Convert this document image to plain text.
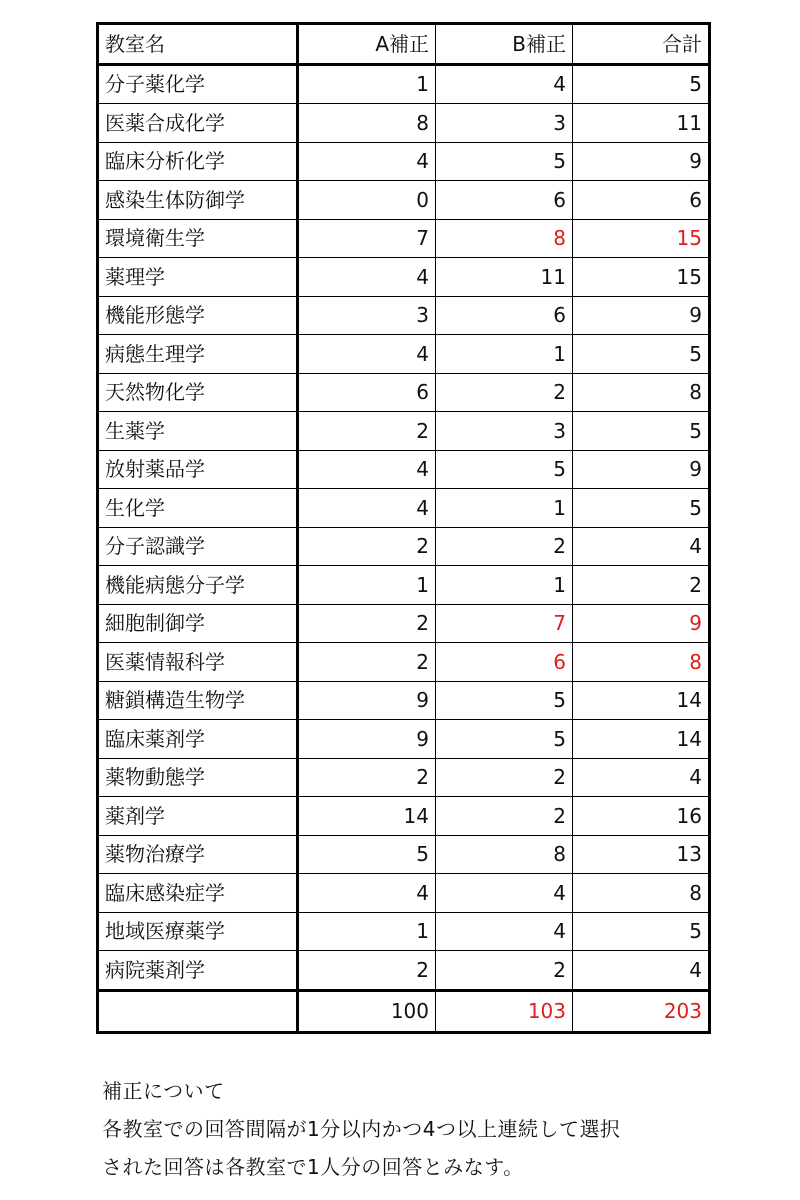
教室名	A補正	B補正	合計
分子薬化学	1	4	5
医薬合成化学	8	3	11
臨床分析化学	4	5	9
感染生体防御学	0	6	6
環境衛生学	7	8	15
薬理学	4	11	15
機能形態学	3	6	9
病態生理学	4	1	5
天然物化学	6	2	8
生薬学	2	3	5
放射薬品学	4	5	9
生化学	4	1	5
分子認識学	2	2	4
機能病態分子学	1	1	2
細胞制御学	2	7	9
医薬情報科学	2	6	8
糖鎖構造生物学	9	5	14
臨床薬剤学	9	5	14
薬物動態学	2	2	4
薬剤学	14	2	16
薬物治療学	5	8	13
臨床感染症学	4	4	8
地域医療薬学	1	4	5
病院薬剤学	2	2	4
	100	103	203
補正について
各教室での回答間隔が1分以内かつ4つ以上連続して選択
された回答は各教室で1人分の回答とみなす。
